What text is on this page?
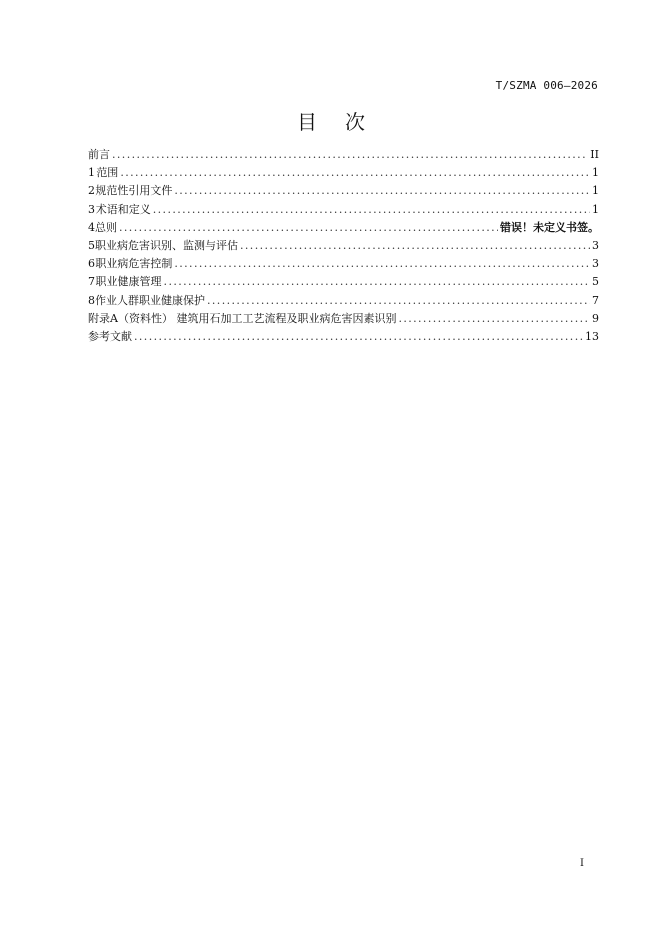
T/SZMA 006—2026
目次
前言 .....	II
1 范围 .....	1
2 规范性引用文件 .....	1
3 术语和定义 .....	1
4 总则 .....	错误！未定义书签。
5 职业病危害识别、监测与评估 .....	3
6 职业病危害控制 .....	3
7 职业健康管理 .....	5
8 作业人群职业健康保护 .....	7
附录A（资料性） 建筑用石加工工艺流程及职业病危害因素识别 .....	9
参考文献 .....	13
I
